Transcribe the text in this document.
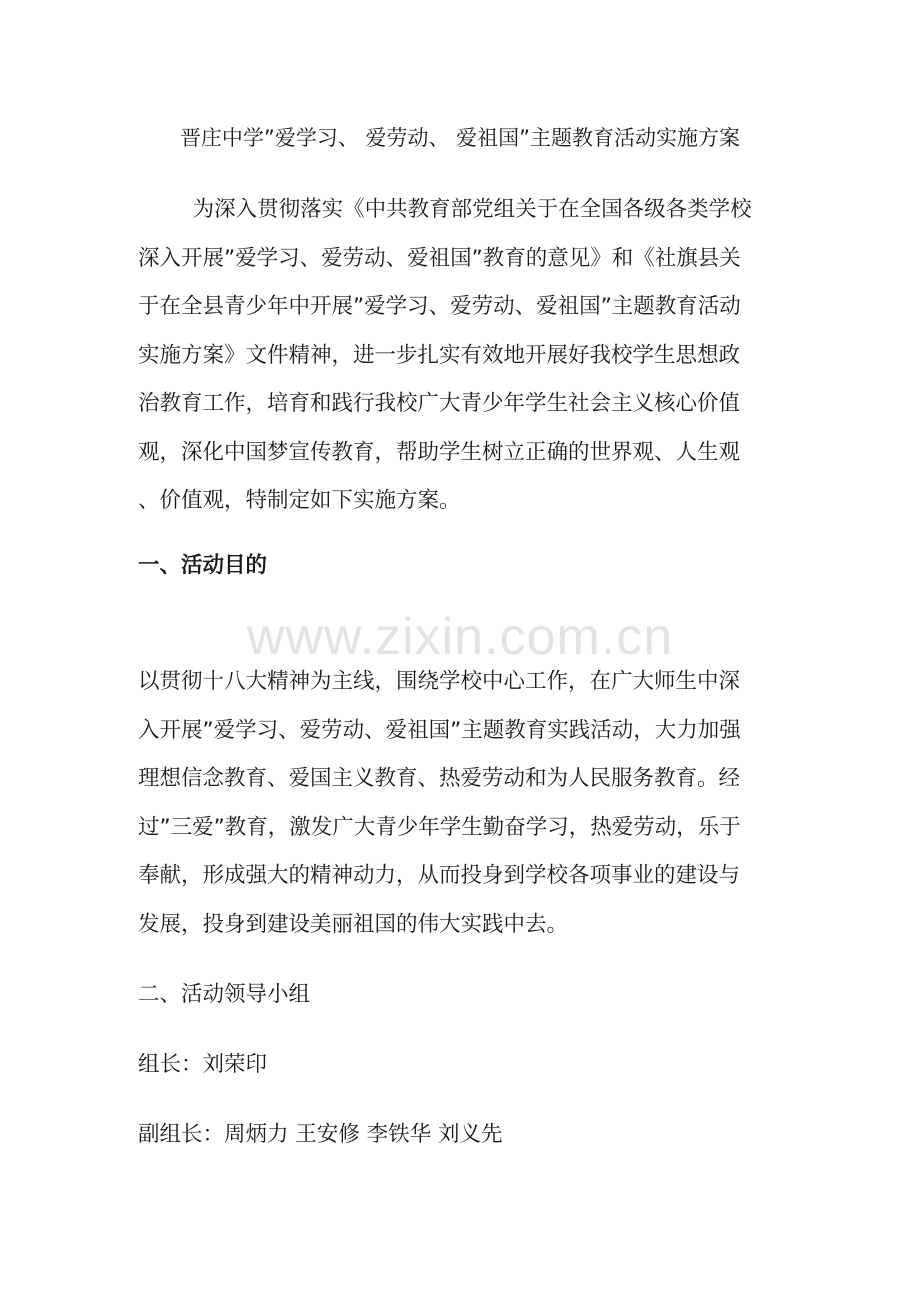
晋庄中学”爱学习、 爱劳动、 爱祖国”主题教育活动实施方案

为深入贯彻落实《中共教育部党组关于在全国各级各类学校
深入开展”爱学习、爱劳动、爱祖国”教育的意见》和《社旗县关
于在全县青少年中开展”爱学习、爱劳动、爱祖国”主题教育活动
实施方案》文件精神，进一步扎实有效地开展好我校学生思想政
治教育工作，培育和践行我校广大青少年学生社会主义核心价值
观，深化中国梦宣传教育，帮助学生树立正确的世界观、人生观
、价值观，特制定如下实施方案。

一、活动目的
www.zixin.com.cn

以贯彻十八大精神为主线，围绕学校中心工作，在广大师生中深
入开展”爱学习、爱劳动、爱祖国”主题教育实践活动，大力加强
理想信念教育、爱国主义教育、热爱劳动和为人民服务教育。经
过”三爱”教育，激发广大青少年学生勤奋学习，热爱劳动，乐于
奉献，形成强大的精神动力，从而投身到学校各项事业的建设与
发展，投身到建设美丽祖国的伟大实践中去。

二、活动领导小组
组长：刘荣印
副组长：周炳力 王安修 李铁华 刘义先
